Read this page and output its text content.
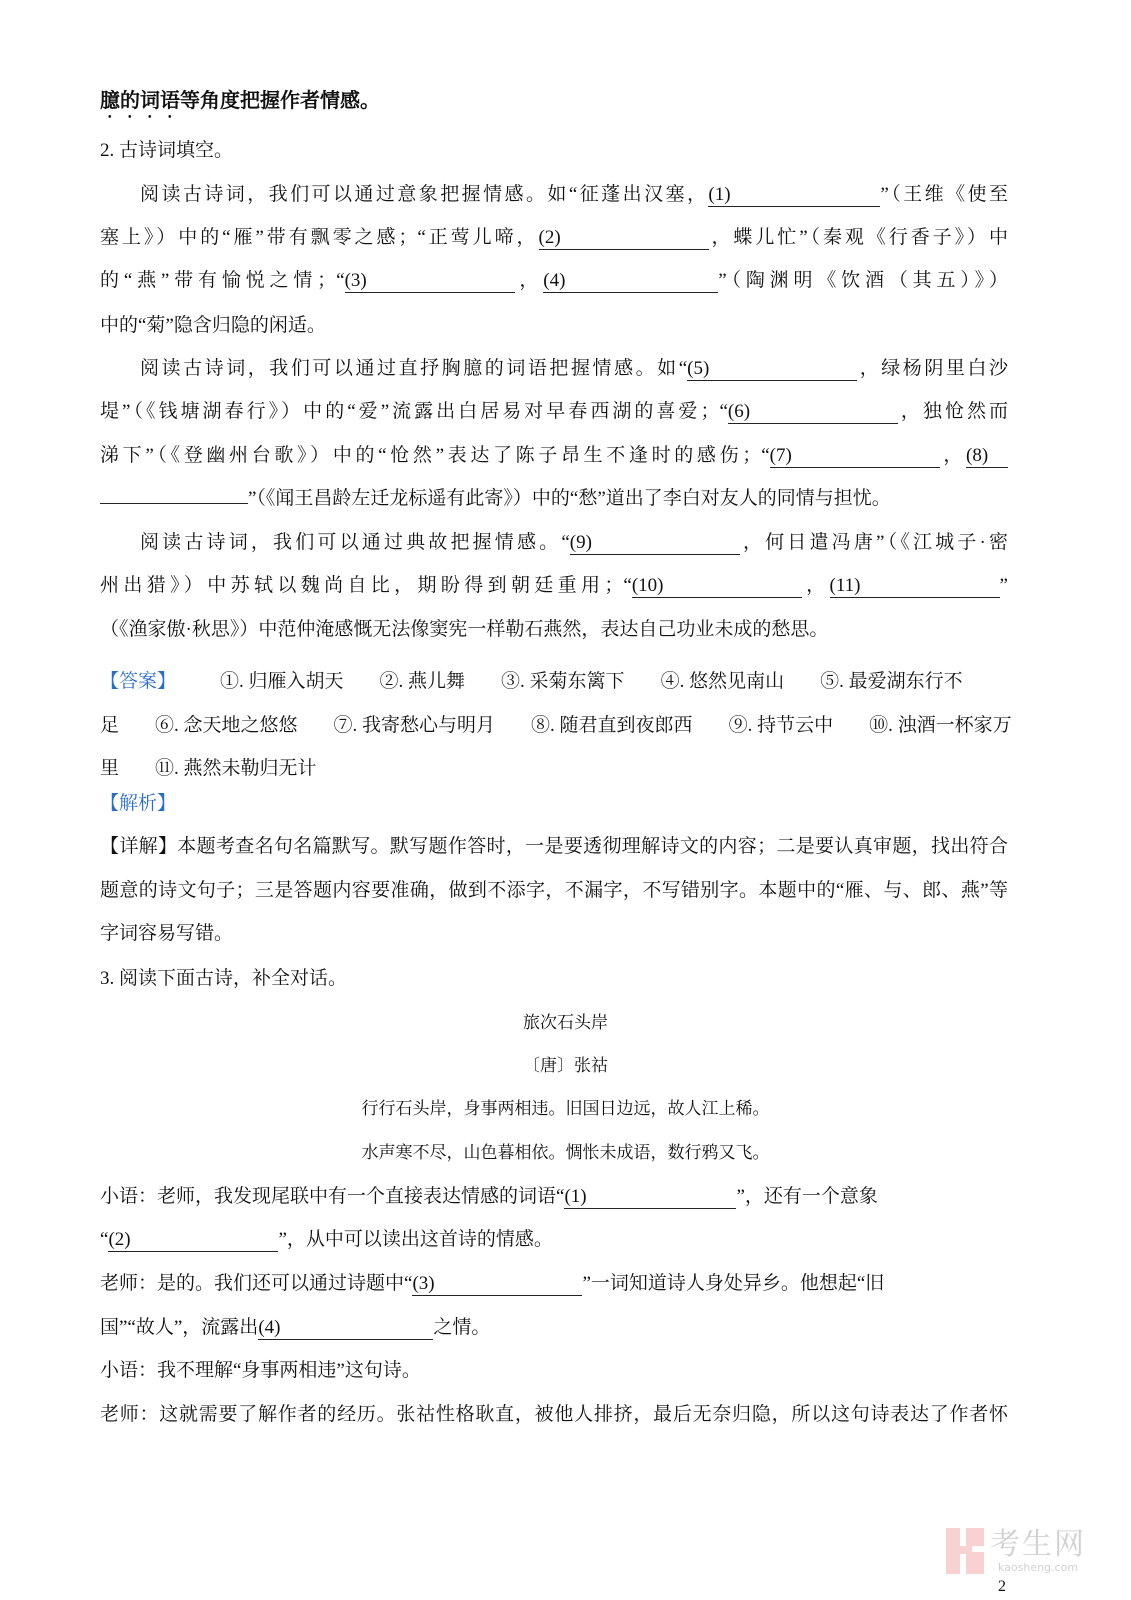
臆的词语等角度把握作者情感。
2. 古诗词填空。
阅读古诗词，我们可以通过意象把握情感。如“征蓬出汉塞，(1)	”（王维《使至
塞上》）中的“雁”带有飘零之感；“正莺儿啼，(2)	，蝶儿忙”（秦观《行香子》）中
的“燕”带有愉悦之情；“(3)	，(4)	”（陶渊明《饮酒（其五）》）
中的“菊”隐含归隐的闲适。
阅读古诗词，我们可以通过直抒胸臆的词语把握情感。如“(5)	，绿杨阴里白沙
堤”（《钱塘湖春行》）中的“爱”流露出白居易对早春西湖的喜爱；“(6)	，独怆然而
涕下”（《登幽州台歌》）中的“怆然”表达了陈子昂生不逢时的感伤；“(7)	，(8)
”（《闻王昌龄左迁龙标遥有此寄》）中的“愁”道出了李白对友人的同情与担忧。
阅读古诗词，我们可以通过典故把握情感。“(9)	，何日遣冯唐”（《江城子·密
州出猎》）中苏轼以魏尚自比，期盼得到朝廷重用；“(10)	，(11)	”
（《渔家傲·秋思》）中范仲淹感慨无法像窦宪一样勒石燕然，表达自己功业未成的愁思。
【答案】 ①. 归雁入胡天 ②. 燕儿舞 ③. 采菊东篱下 ④. 悠然见南山 ⑤. 最爱湖东行不足 ⑥. 念天地之悠悠 ⑦. 我寄愁心与明月 ⑧. 随君直到夜郎西 ⑨. 持节云中 ⑩. 浊酒一杯家万里 ⑪. 燕然未勒归无计
【解析】
【详解】本题考查名句名篇默写。默写题作答时，一是要透彻理解诗文的内容；二是要认真审题，找出符合题意的诗文句子；三是答题内容要准确，做到不添字，不漏字，不写错别字。本题中的“雁、与、郎、燕”等字词容易写错。
3. 阅读下面古诗，补全对话。
旅次石头岸
〔唐〕张祜
行行石头岸，身事两相违。旧国日边远，故人江上稀。
水声寒不尽，山色暮相依。惆怅未成语，数行鸦又飞。
小语：老师，我发现尾联中有一个直接表达情感的词语“(1)	”，还有一个意象
“(2)	”，从中可以读出这首诗的情感。
老师：是的。我们还可以通过诗题中“(3)	”一词知道诗人身处异乡。他想起“旧
国”“故人”，流露出(4)	之情。
小语：我不理解“身事两相违”这句诗。
老师：这就需要了解作者的经历。张祜性格耿直，被他人排挤，最后无奈归隐，所以这句诗表达了作者怀
考生网
kaosheng.com
2
